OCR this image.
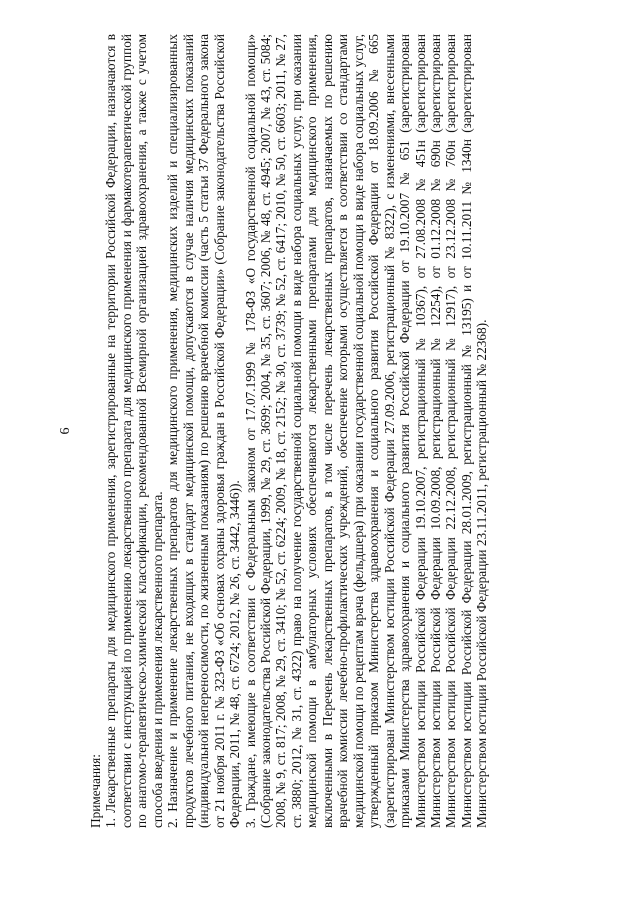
6

Примечания: 1. Лекарственные препараты для медицинского применения, зарегистрированные на территории Российской Федерации, назначаются в соответствии с инструкцией по применению лекарственного препарата для медицинского применения и фармакотерапевтической группой по анатомо-терапевтическо-химической классификации, рекомендованной Всемирной организацией здравоохранения, а также с учетом способа введения и применения лекарственного препарата. 2. Назначение и применение лекарственных препаратов для медицинского применения, медицинских изделий и специализированных продуктов лечебного питания, не входящих в стандарт медицинской помощи, допускаются в случае наличия медицинских показаний (индивидуальной непереносимости, по жизненным показаниям) по решению врачебной комиссии (часть 5 статьи 37 Федерального закона от 21 ноября 2011 г. № 323-ФЗ «Об основах охраны здоровья граждан в Российской Федерации» (Собрание законодательства Российской Федерации, 2011, № 48, ст. 6724; 2012, № 26, ст. 3442, 3446)). 3. Граждане, имеющие в соответствии с Федеральным законом от 17.07.1999 № 178-ФЗ «О государственной социальной помощи» (Собрание законодательства Российской Федерации, 1999, № 29, ст. 3699; 2004, № 35, ст. 3607; 2006, № 48, ст. 4945; 2007, № 43, ст. 5084; 2008, № 9, ст. 817; 2008, № 29, ст. 3410; № 52, ст. 6224; 2009, № 18, ст. 2152; № 30, ст. 3739; № 52, ст. 6417; 2010, № 50, ст. 6603; 2011, № 27, ст. 3880; 2012, № 31, ст. 4322) право на получение государственной социальной помощи в виде набора социальных услуг, при оказании медицинской помощи в амбулаторных условиях обеспечиваются лекарственными препаратами для медицинского применения, включенными в Перечень лекарственных препаратов, в том числе перечень лекарственных препаратов, назначаемых по решению врачебной комиссии лечебно-профилактических учреждений, обеспечение которыми осуществляется в соответствии со стандартами медицинской помощи по рецептам врача (фельдшера) при оказании государственной социальной помощи в виде набора социальных услуг, утвержденный приказом Министерства здравоохранения и социального развития Российской Федерации от 18.09.2006 № 665 (зарегистрирован Министерством юстиции Российской Федерации 27.09.2006, регистрационный № 8322), с изменениями, внесенными приказами Министерства здравоохранения и социального развития Российской Федерации от 19.10.2007 № 651 (зарегистрирован Министерством юстиции Российской Федерации 19.10.2007, регистрационный № 10367), от 27.08.2008 № 451н (зарегистрирован Министерством юстиции Российской Федерации 10.09.2008, регистрационный № 12254), от 01.12.2008 № 690н (зарегистрирован Министерством юстиции Российской Федерации 22.12.2008, регистрационный № 12917), от 23.12.2008 № 760н (зарегистрирован Министерством юстиции Российской Федерации 28.01.2009, регистрационный № 13195) и от 10.11.2011 № 1340н (зарегистрирован Министерством юстиции Российской Федерации 23.11.2011, регистрационный № 22368).
